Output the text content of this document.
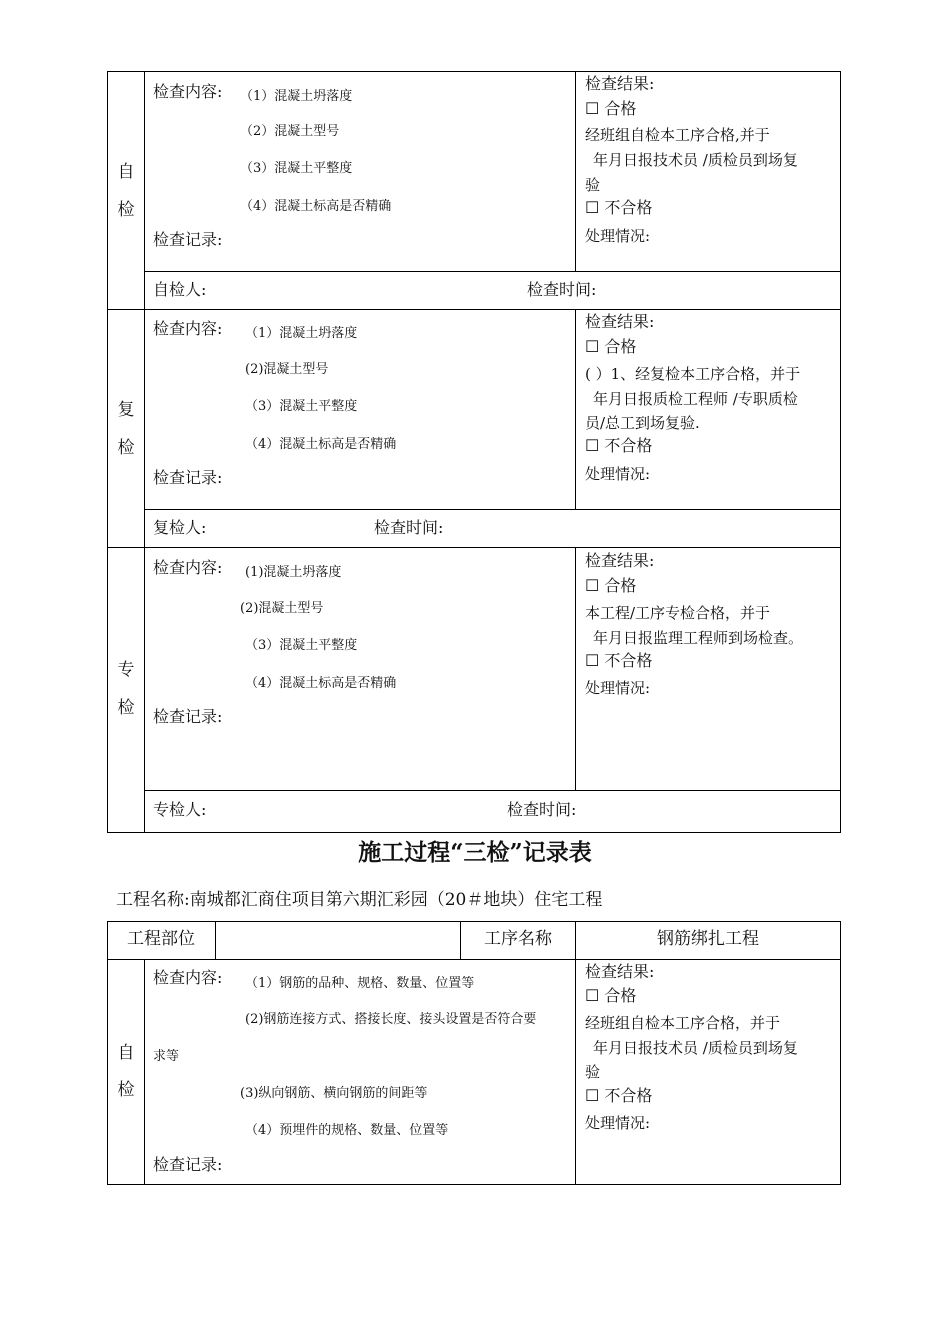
自
检
检查内容: （1）混凝土坍落度
（2）混凝土型号
（3）混凝土平整度
（4）混凝土标高是否精确
检查记录:
检查结果:
☐ 合格
经班组自检本工序合格,并于
年月日报技术员 /质检员到场复
验
☐ 不合格
处理情况:
自检人:	检查时间:
复
检
检查内容: （1）混凝土坍落度
(2)混凝土型号
（3）混凝土平整度
（4）混凝土标高是否精确
检查记录:
检查结果:
☐ 合格
( ）1、经复检本工序合格，并于
年月日报质检工程师 /专职质检
员/总工到场复验.
☐ 不合格
处理情况:
复检人:	检查时间:
专
检
检查内容: (1)混凝土坍落度
(2)混凝土型号
（3）混凝土平整度
（4）混凝土标高是否精确
检查记录:
检查结果:
☐ 合格
本工程/工序专检合格，并于
年月日报监理工程师到场检查。
☐ 不合格
处理情况:
专检人:	检查时间:
施工过程“三检”记录表
工程名称:南城都汇商住项目第六期汇彩园（20＃地块）住宅工程
工程部位	工序名称	钢筋绑扎工程
自
检
检查内容: （1）钢筋的品种、规格、数量、位置等
(2)钢筋连接方式、搭接长度、接头设置是否符合要
求等
(3)纵向钢筋、横向钢筋的间距等
（4）预埋件的规格、数量、位置等
检查记录:
检查结果:
☐ 合格
经班组自检本工序合格，并于
年月日报技术员 /质检员到场复
验
☐ 不合格
处理情况:
